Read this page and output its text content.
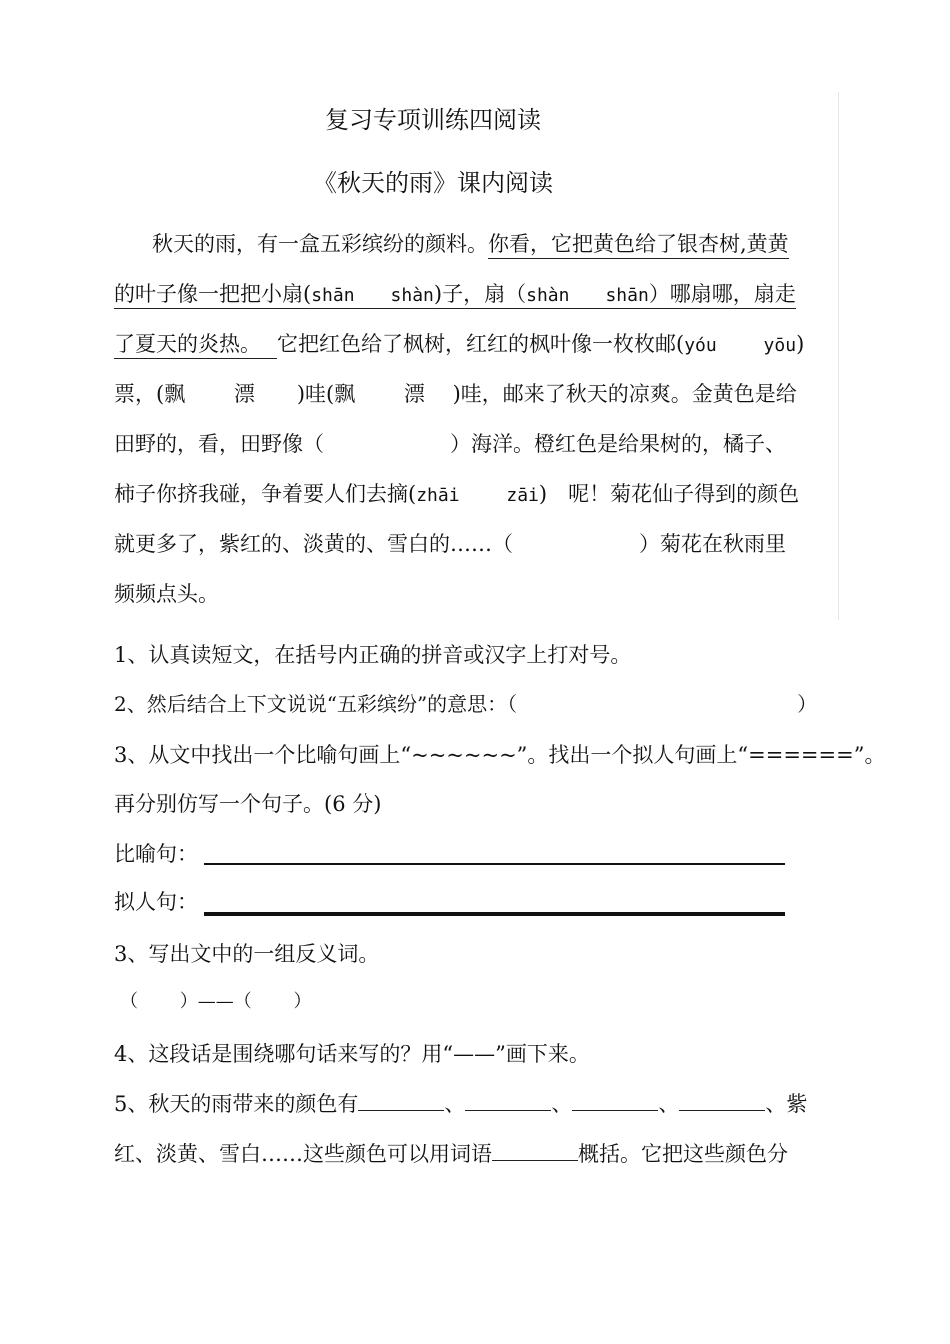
复习专项训练四阅读
《秋天的雨》课内阅读
秋天的雨，有一盒五彩缤纷的颜料。你看，它把黄色给了银杏树,黄黄
的叶子像一把把小扇(shān　　shàn)子，扇（shàn　　shān）哪扇哪，扇走
了夏天的炎热。 它把红色给了枫树，红红的枫叶像一枚枚邮(yóu　　 yōu)
票，(飘　　 漂　　)哇(飘　　 漂　 )哇，邮来了秋天的凉爽。金黄色是给
田野的，看，田野像（　　　　　　）海洋。橙红色是给果树的，橘子、
柿子你挤我碰，争着要人们去摘(zhāi　　 zāi)　呢！菊花仙子得到的颜色
就更多了，紫红的、淡黄的、雪白的……（　　　　　　）菊花在秋雨里
频频点头。
1、认真读短文，在括号内正确的拼音或汉字上打对号。
2、然后结合上下文说说“五彩缤纷”的意思：（　　　　　　　　　　　　　　）
3、从文中找出一个比喻句画上“~~~~~~”。找出一个拟人句画上“======”。
再分别仿写一个句子。(6 分)
比喻句：
拟人句：
3、写出文中的一组反义词。
（　　 ）——（　　 ）
4、这段话是围绕哪句话来写的？用“——”画下来。
5、秋天的雨带来的颜色有	、	、	、	、紫
红、淡黄、雪白……这些颜色可以用词语	概括。它把这些颜色分
